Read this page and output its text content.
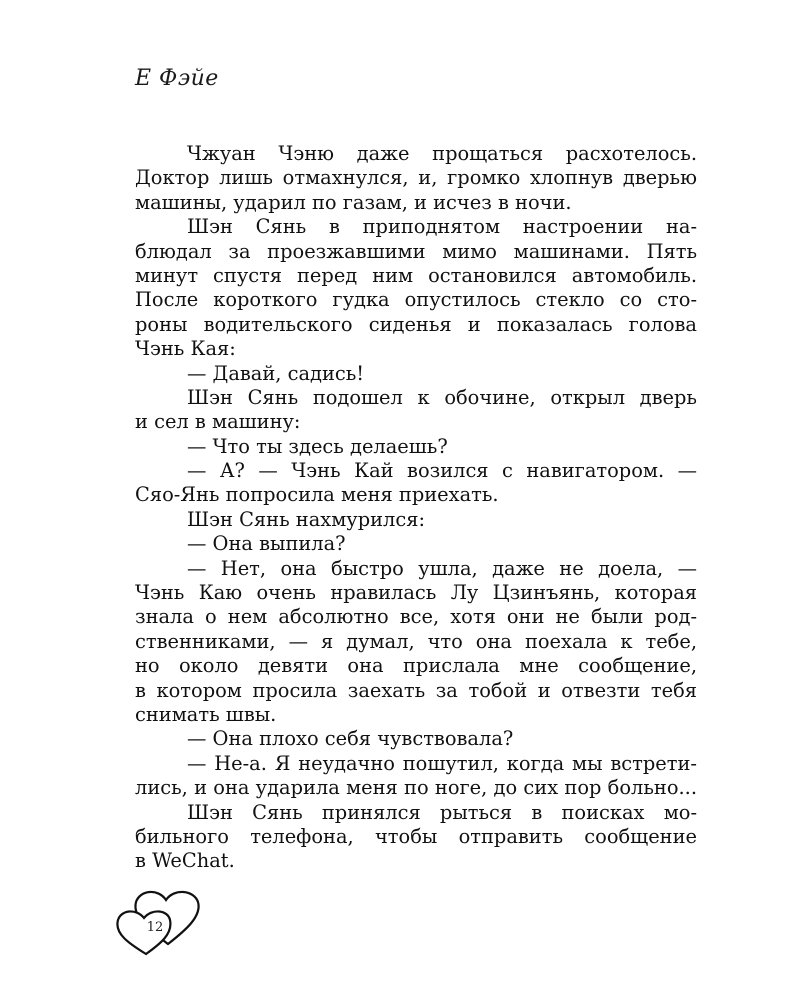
Е Фэйе
Чжуан Чэню даже прощаться расхотелось.
Доктор лишь отмахнулся, и, громко хлопнув дверью
машины, ударил по газам, и исчез в ночи.
Шэн Сянь в приподнятом настроении на-
блюдал за проезжавшими мимо машинами. Пять
минут спустя перед ним остановился автомобиль.
После короткого гудка опустилось стекло со сто-
роны водительского сиденья и показалась голова
Чэнь Кая:
— Давай, садись!
Шэн Сянь подошел к обочине, открыл дверь
и сел в машину:
— Что ты здесь делаешь?
— А? — Чэнь Кай возился с навигатором. —
Сяо-Янь попросила меня приехать.
Шэн Сянь нахмурился:
— Она выпила?
— Нет, она быстро ушла, даже не доела, —
Чэнь Каю очень нравилась Лу Цзинъянь, которая
знала о нем абсолютно все, хотя они не были род-
ственниками, — я думал, что она поехала к тебе,
но около девяти она прислала мне сообщение,
в котором просила заехать за тобой и отвезти тебя
снимать швы.
— Она плохо себя чувствовала?
— Не-а. Я неудачно пошутил, когда мы встрети-
лись, и она ударила меня по ноге, до сих пор больно...
Шэн Сянь принялся рыться в поисках мо-
бильного телефона, чтобы отправить сообщение
в WeChat.
12
